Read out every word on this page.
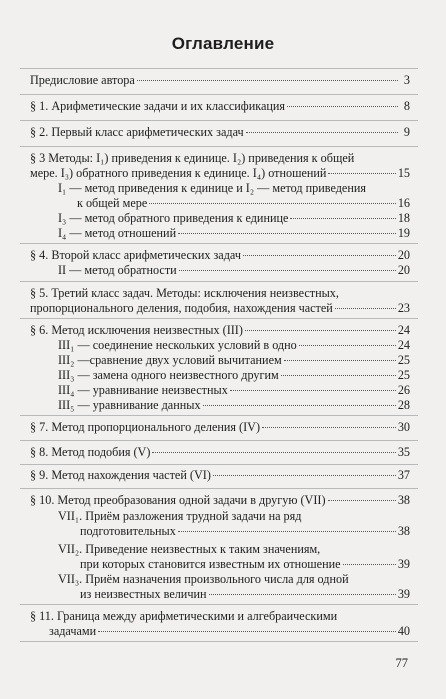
Оглавление
Предисловие автора	3
§ 1. Арифметические задачи и их классификация	8
§ 2. Первый класс арифметических задач	9
§ 3 Методы: I₁) приведения к единице. I₂) приведения к общей
мере. I₃) обратного приведения к единице. I₄) отношений	15
I₁ — метод приведения к единице и I₂ — метод приведения
к общей мере	16
I₃ — метод обратного приведения к единице	18
I₄ — метод отношений	19
§ 4. Второй класс арифметических задач	20
II — метод обратности	20
§ 5. Третий класс задач. Методы: исключения неизвестных,
пропорционального деления, подобия, нахождения частей	23
§ 6. Метод исключения неизвестных (III)	24
III₁ — соединение нескольких условий в одно	24
III₂ —сравнение двух условий вычитанием	25
III₃ — замена одного неизвестного другим	25
III₄ — уравнивание неизвестных	26
III₅ — уравнивание данных	28
§ 7. Метод пропорционального деления (IV)	30
§ 8. Метод подобия (V)	35
§ 9. Метод нахождения частей (VI)	37
§ 10. Метод преобразования одной задачи в другую (VII)	38
VII₁. Приём разложения трудной задачи на ряд
подготовительных	38
VII₂. Приведение неизвестных к таким значениям,
при которых становится известным их отношение	39
VII₃. Приём назначения произвольного числа для одной
из неизвестных величин	39
§ 11. Граница между арифметическими и алгебраическими
задачами	40
77
